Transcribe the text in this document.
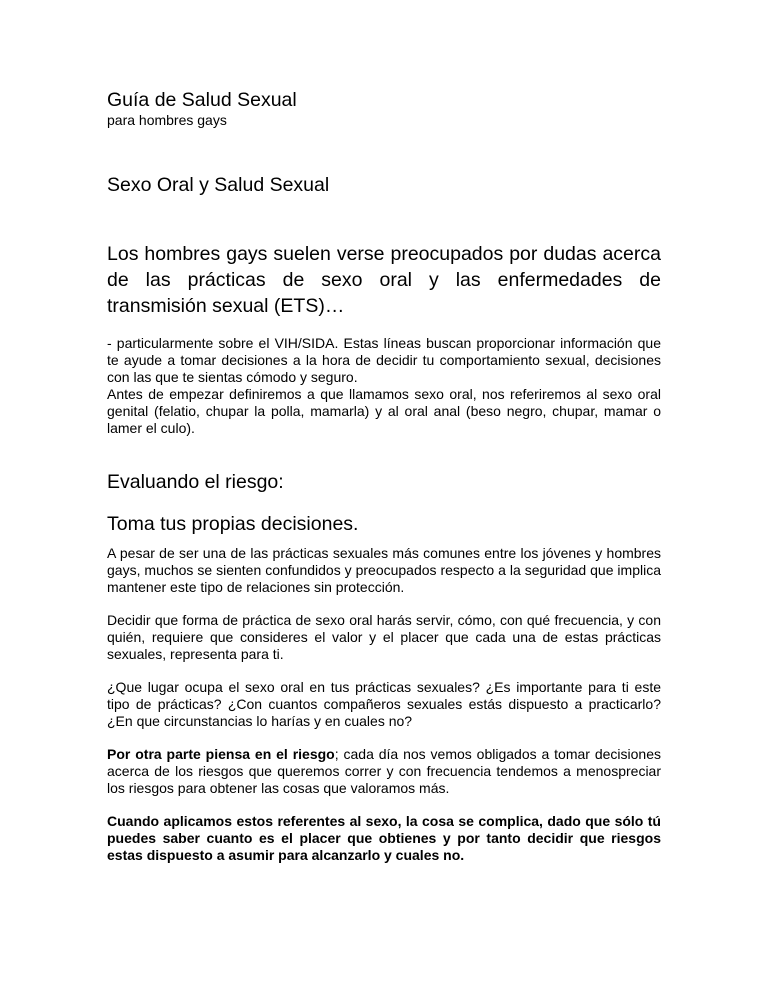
Guía de Salud Sexual

para hombres gays

Sexo Oral y Salud Sexual

Los hombres gays suelen verse preocupados por dudas acerca de las prácticas de sexo oral y las enfermedades de transmisión sexual (ETS)…

- particularmente sobre el VIH/SIDA. Estas líneas buscan proporcionar información que te ayude a tomar decisiones a la hora de decidir tu comportamiento sexual, decisiones con las que te sientas cómodo y seguro.

Antes de empezar definiremos a que llamamos sexo oral, nos referiremos al sexo oral genital (felatio, chupar la polla, mamarla) y al oral anal (beso negro, chupar, mamar o lamer el culo).

Evaluando el riesgo:
Toma tus propias decisiones.

A pesar de ser una de las prácticas sexuales más comunes entre los jóvenes y hombres gays, muchos se sienten confundidos y preocupados respecto a la seguridad que implica mantener este tipo de relaciones sin protección.

Decidir que forma de práctica de sexo oral harás servir, cómo, con qué frecuencia, y con quién, requiere que consideres el valor y el placer que cada una de estas prácticas sexuales, representa para ti.

¿Que lugar ocupa el sexo oral en tus prácticas sexuales? ¿Es importante para ti este tipo de prácticas? ¿Con cuantos compañeros sexuales estás dispuesto a practicarlo? ¿En que circunstancias lo harías y en cuales no?

Por otra parte piensa en el riesgo; cada día nos vemos obligados a tomar decisiones acerca de los riesgos que queremos correr y con frecuencia tendemos a menospreciar los riesgos para obtener las cosas que valoramos más.

Cuando aplicamos estos referentes al sexo, la cosa se complica, dado que sólo tú puedes saber cuanto es el placer que obtienes y por tanto decidir que riesgos estas dispuesto a asumir para alcanzarlo y cuales no.
